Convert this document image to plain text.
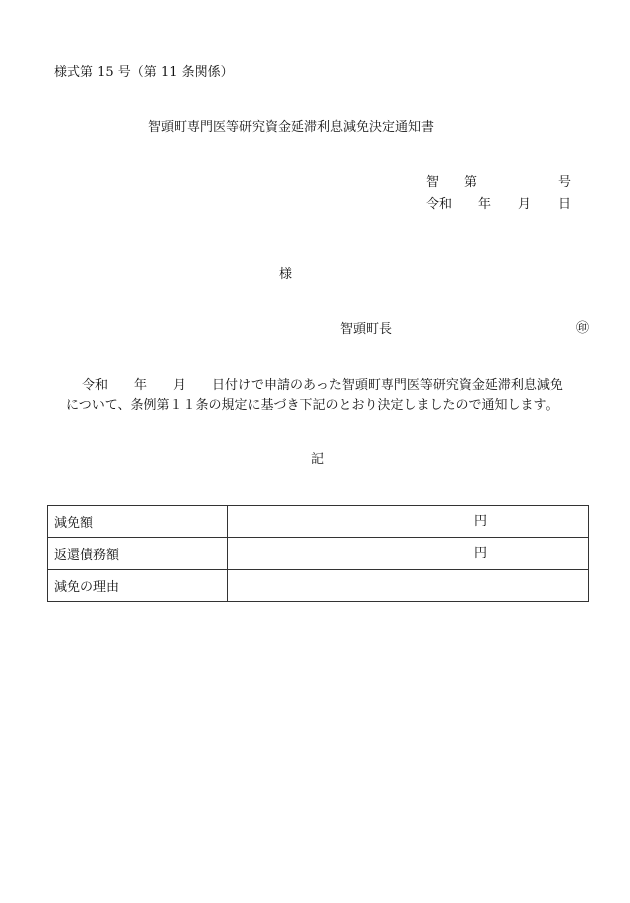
様式第 15 号（第 11 条関係）
智頭町専門医等研究資金延滞利息減免決定通知書
智 第	号
令和 年 月 日
様
智頭町長	㊞
令和　　年　　月　　日付けで申請のあった智頭町専門医等研究資金延滞利息減免
について、条例第１１条の規定に基づき下記のとおり決定しましたので通知します。
記
減免額	円

返還債務額	円

減免の理由	
